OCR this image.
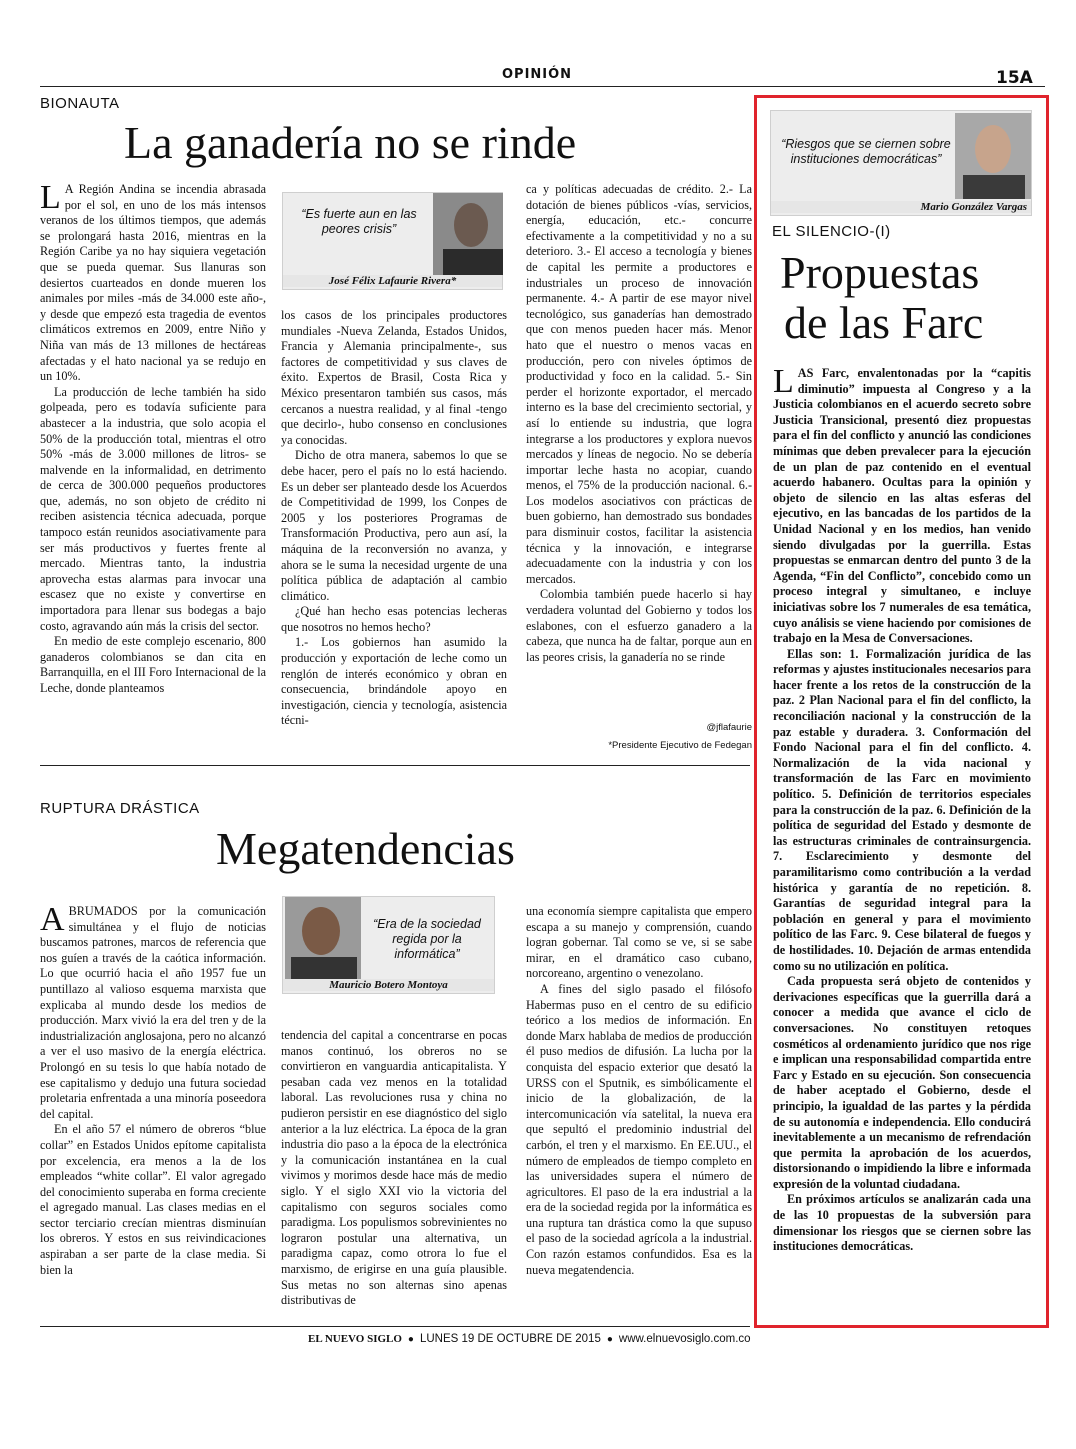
OPINIÓN	15A
BIONAUTA
La ganadería no se rinde
“Es fuerte aun en las peores crisis”
José Félix Lafaurie Rivera*
L A Región Andina se incendia abrasada por el sol, en uno de los más intensos veranos de los últimos tiempos, que además se prolongará hasta 2016, mientras en la Región Caribe ya no hay siquiera vegetación que se pueda quemar. Sus llanuras son desiertos cuarteados en donde mueren los animales por miles -más de 34.000 este año-, y desde que empezó esta tragedia de eventos climáticos extremos en 2009, entre Niño y Niña van más de 13 millones de hectáreas afectadas y el hato nacional ya se redujo en un 10%.

La producción de leche también ha sido golpeada, pero es todavía suficiente para abastecer a la industria, que solo acopia el 50% de la producción total, mientras el otro 50% -más de 3.000 millones de litros- se malvende en la informalidad, en detrimento de cerca de 300.000 pequeños productores que, además, no son objeto de crédito ni reciben asistencia técnica adecuada, porque tampoco están reunidos asociativamente para ser más productivos y fuertes frente al mercado. Mientras tanto, la industria aprovecha estas alarmas para invocar una escasez que no existe y convertirse en importadora para llenar sus bodegas a bajo costo, agravando aún más la crisis del sector.

En medio de este complejo escenario, 800 ganaderos colombianos se dan cita en Barranquilla, en el III Foro Internacional de la Leche, donde planteamos

los casos de los principales productores mundiales -Nueva Zelanda, Estados Unidos, Francia y Alemania principalmente-, sus factores de competitividad y sus claves de éxito. Expertos de Brasil, Costa Rica y México presentaron también sus casos, más cercanos a nuestra realidad, y al final -tengo que decirlo-, hubo consenso en conclusiones ya conocidas.

Dicho de otra manera, sabemos lo que se debe hacer, pero el país no lo está haciendo. Es un deber ser planteado desde los Acuerdos de Competitividad de 1999, los Conpes de 2005 y los posteriores Programas de Transformación Productiva, pero aun así, la máquina de la reconversión no avanza, y ahora se le suma la necesidad urgente de una política pública de adaptación al cambio climático.

¿Qué han hecho esas potencias lecheras que nosotros no hemos hecho?

1.- Los gobiernos han asumido la producción y exportación de leche como un renglón de interés económico y obran en consecuencia, brindándole apoyo en investigación, ciencia y tecnología, asistencia técni-

ca y políticas adecuadas de crédito. 2.- La dotación de bienes públicos -vías, servicios, energía, educación, etc.- concurre efectivamente a la competitividad y no a su deterioro. 3.- El acceso a tecnología y bienes de capital les permite a productores e industriales un proceso de innovación permanente. 4.- A partir de ese mayor nivel tecnológico, sus ganaderías han demostrado que con menos pueden hacer más. Menor hato que el nuestro o menos vacas en producción, pero con niveles óptimos de productividad y foco en la calidad. 5.- Sin perder el horizonte exportador, el mercado interno es la base del crecimiento sectorial, y así lo entiende su industria, que logra integrarse a los productores y explora nuevos mercados y líneas de negocio. No se debería importar leche hasta no acopiar, cuando menos, el 75% de la producción nacional. 6.- Los modelos asociativos con prácticas de buen gobierno, han demostrado sus bondades para disminuir costos, facilitar la asistencia técnica y la innovación, e integrarse adecuadamente con la industria y con los mercados.

Colombia también puede hacerlo si hay verdadera voluntad del Gobierno y todos los eslabones, con el esfuerzo ganadero a la cabeza, que nunca ha de faltar, porque aun en las peores crisis, la ganadería no se rinde

@jflafaurie
*Presidente Ejecutivo de Fedegan
RUPTURA DRÁSTICA
Megatendencias
“Era de la sociedad regida por la informática”
Mauricio Botero Montoya
A BRUMADOS por la comunicación simultánea y el flujo de noticias buscamos patrones, marcos de referencia que nos guíen a través de la caótica información. Lo que ocurrió hacia el año 1957 fue un puntillazo al valioso esquema marxista que explicaba al mundo desde los medios de producción. Marx vivió la era del tren y de la industrialización anglosajona, pero no alcanzó a ver el uso masivo de la energía eléctrica. Prolongó en su tesis lo que había notado de ese capitalismo y dedujo una futura sociedad proletaria enfrentada a una minoría poseedora del capital.

En el año 57 el número de obreros “blue collar” en Estados Unidos epítome capitalista por excelencia, era menos a la de los empleados “white collar”. El valor agregado del conocimiento superaba en forma creciente el agregado manual. Las clases medias en el sector terciario crecían mientras disminuían los obreros. Y estos en sus reivindicaciones aspiraban a ser parte de la clase media. Si bien la

tendencia del capital a concentrarse en pocas manos continuó, los obreros no se convirtieron en vanguardia anticapitalista. Y pesaban cada vez menos en la totalidad laboral. Las revoluciones rusa y china no pudieron persistir en ese diagnóstico del siglo anterior a la luz eléctrica. La época de la gran industria dio paso a la época de la electrónica y la comunicación instantánea en la cual vivimos y morimos desde hace más de medio siglo. Y el siglo XXI vio la victoria del capitalismo con seguros sociales como paradigma. Los populismos sobrevinientes no lograron postular una alternativa, un paradigma capaz, como otrora lo fue el marxismo, de erigirse en una guía plausible. Sus metas no son alternas sino apenas distributivas de

una economía siempre capitalista que empero escapa a su manejo y comprensión, cuando logran gobernar. Tal como se ve, si se sabe mirar, en el dramático caso cubano, norcoreano, argentino o venezolano.

A fines del siglo pasado el filósofo Habermas puso en el centro de su edificio teórico a los medios de información. En donde Marx hablaba de medios de producción él puso medios de difusión. La lucha por la conquista del espacio exterior que desató la URSS con el Sputnik, es simbólicamente el inicio de la globalización, de la intercomunicación vía satelital, la nueva era que sepultó el predominio industrial del carbón, el tren y el marxismo. En EE.UU., el número de empleados de tiempo completo en las universidades supera el número de agricultores. El paso de la era industrial a la era de la sociedad regida por la informática es una ruptura tan drástica como la que supuso el paso de la sociedad agrícola a la industrial. Con razón estamos confundidos. Esa es la nueva megatendencia.

“Riesgos que se ciernen sobre instituciones democráticas”
Mario González Vargas
EL SILENCIO-(I)
Propuestas
de las Farc
L AS Farc, envalentonadas por la “capitis diminutio” impuesta al Congreso y a la Justicia colombianos en el acuerdo secreto sobre Justicia Transicional, presentó diez propuestas para el fin del conflicto y anunció las condiciones mínimas que deben prevalecer para la ejecución de un plan de paz contenido en el eventual acuerdo habanero. Ocultas para la opinión y objeto de silencio en las altas esferas del ejecutivo, en las bancadas de los partidos de la Unidad Nacional y en los medios, han venido siendo divulgadas por la guerrilla. Estas propuestas se enmarcan dentro del punto 3 de la Agenda, “Fin del Conflicto”, concebido como un proceso integral y simultaneo, e incluye iniciativas sobre los 7 numerales de esa temática, cuyo análisis se viene haciendo por comisiones de trabajo en la Mesa de Conversaciones.

Ellas son: 1. Formalización jurídica de las reformas y ajustes institucionales necesarios para hacer frente a los retos de la construcción de la paz. 2 Plan Nacional para el fin del conflicto, la reconciliación nacional y la construcción de la paz estable y duradera. 3. Conformación del Fondo Nacional para el fin del conflicto. 4. Normalización de la vida nacional y transformación de las Farc en movimiento político. 5. Definición de territorios especiales para la construcción de la paz. 6. Definición de la política de seguridad del Estado y desmonte de las estructuras criminales de contrainsurgencia. 7. Esclarecimiento y desmonte del paramilitarismo como contribución a la verdad histórica y garantía de no repetición. 8. Garantías de seguridad integral para la población en general y para el movimiento político de las Farc. 9. Cese bilateral de fuegos y de hostilidades. 10. Dejación de armas entendida como su no utilización en política.

Cada propuesta será objeto de contenidos y derivaciones específicas que la guerrilla dará a conocer a medida que avance el ciclo de conversaciones. No constituyen retoques cosméticos al ordenamiento jurídico que nos rige e implican una responsabilidad compartida entre Farc y Estado en su ejecución. Son consecuencia de haber aceptado el Gobierno, desde el principio, la igualdad de las partes y la pérdida de su autonomía e independencia. Ello conducirá inevitablemente a un mecanismo de refrendación que permita la aprobación de los acuerdos, distorsionando o impidiendo la libre e informada expresión de la voluntad ciudadana.

En próximos artículos se analizarán cada una de las 10 propuestas de la subversión para dimensionar los riesgos que se ciernen sobre las instituciones democráticas.

EL NUEVO SIGLO ● LUNES 19 DE OCTUBRE DE 2015 ● www.elnuevosiglo.com.co
